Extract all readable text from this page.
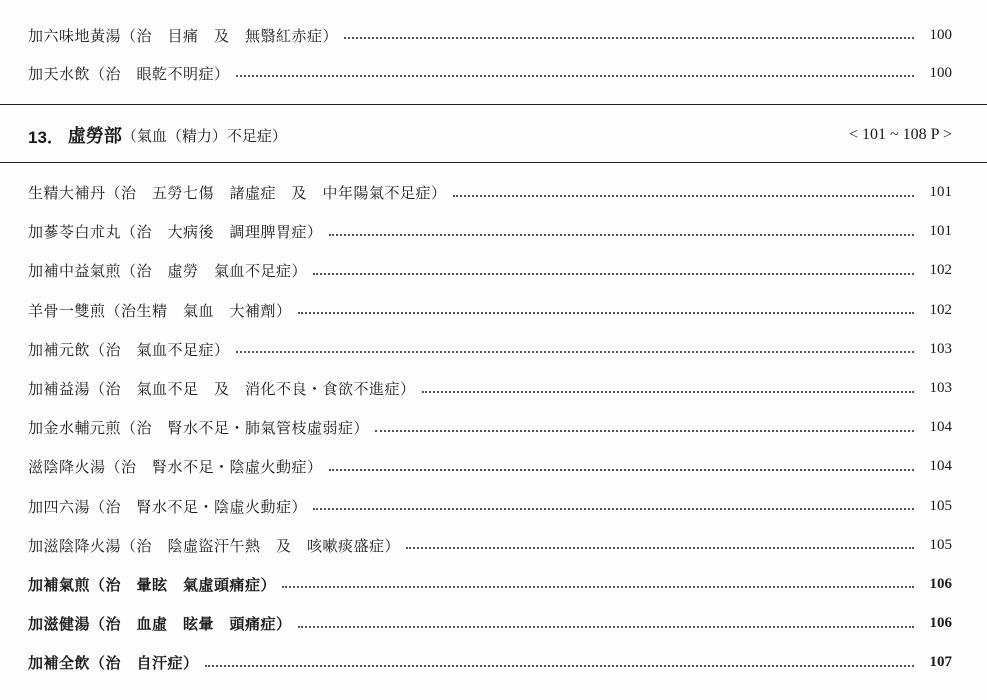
加六味地黃湯（治　目痛　及　無翳紅赤症）	100
加天水飲（治　眼乾不明症）	100
13． 虛勞部 （氣血（精力）不足症）	< 101 ~ 108 P >
生精大補丹（治　五勞七傷　諸虛症　及　中年陽氣不足症）	101
加蔘苓白朮丸（治　大病後　調理脾胃症）	101
加補中益氣煎（治　虛勞　氣血不足症）	102
羊骨一雙煎（治生精　氣血　大補劑）	102
加補元飲（治　氣血不足症）	103
加補益湯（治　氣血不足　及　消化不良・食欲不進症）	103
加金水輔元煎（治　腎水不足・肺氣管枝虛弱症）	104
滋陰降火湯（治　腎水不足・陰虛火動症）	104
加四六湯（治　腎水不足・陰虛火動症）	105
加滋陰降火湯（治　陰虛盜汗午熱　及　咳嗽痰盛症）	105
加補氣煎（治　暈眩　氣虛頭痛症）	106
加滋健湯（治　血虛　眩暈　頭痛症）	106
加補全飲（治　自汗症）	107
